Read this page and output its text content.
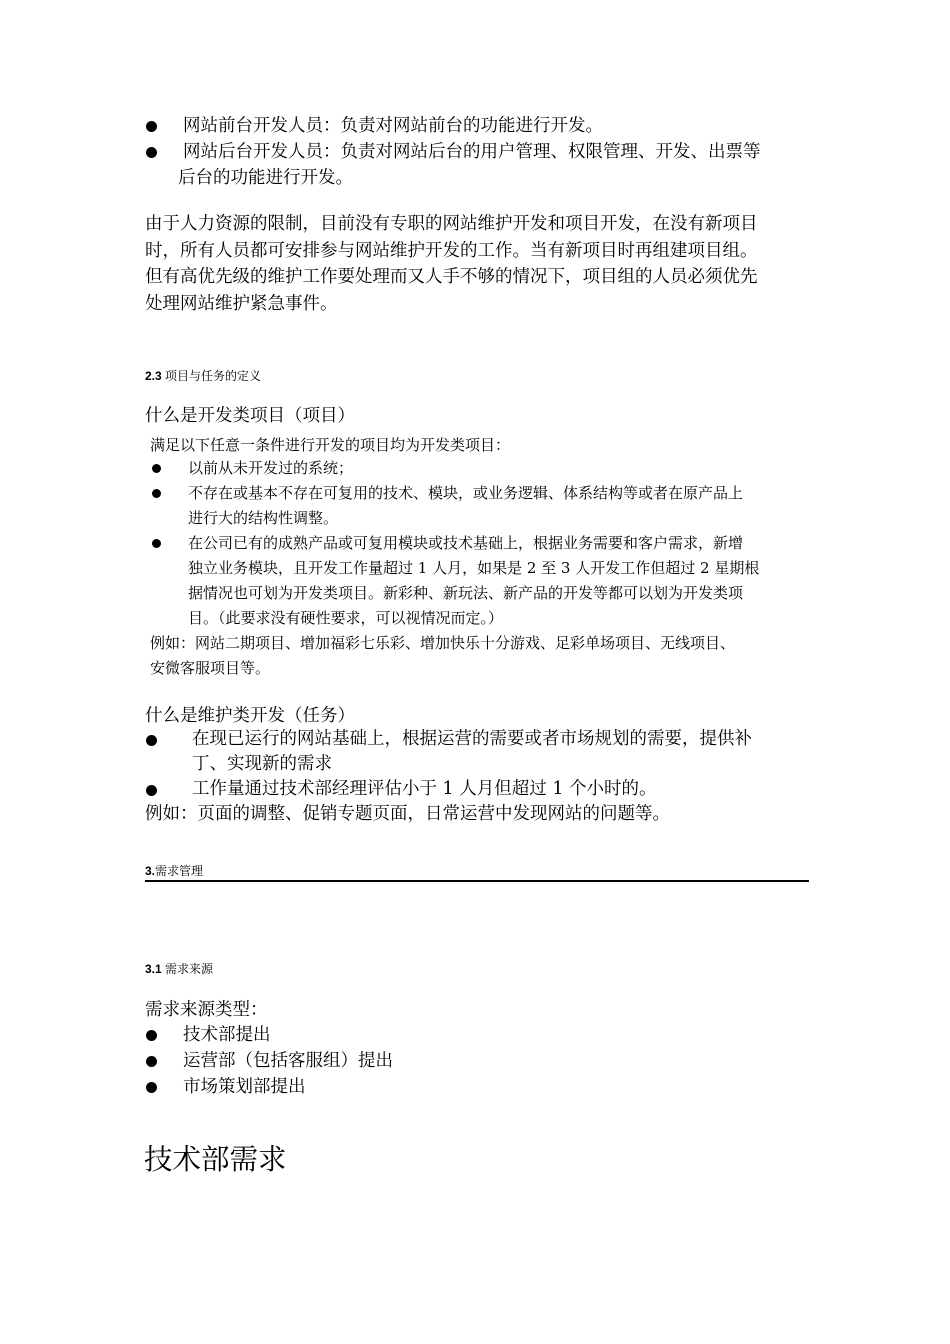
网站前台开发人员：负责对网站前台的功能进行开发。
网站后台开发人员：负责对网站后台的用户管理、权限管理、开发、出票等
后台的功能进行开发。
由于人力资源的限制，目前没有专职的网站维护开发和项目开发，在没有新项目
时，所有人员都可安排参与网站维护开发的工作。当有新项目时再组建项目组。
但有高优先级的维护工作要处理而又人手不够的情况下，项目组的人员必须优先
处理网站维护紧急事件。
2.3 项目与任务的定义
什么是开发类项目（项目）
满足以下任意一条件进行开发的项目均为开发类项目：
以前从未开发过的系统；
不存在或基本不存在可复用的技术、模块，或业务逻辑、体系结构等或者在原产品上
进行大的结构性调整。
在公司已有的成熟产品或可复用模块或技术基础上，根据业务需要和客户需求，新增
独立业务模块，且开发工作量超过 1 人月，如果是 2 至 3 人开发工作但超过 2 星期根
据情况也可划为开发类项目。新彩种、新玩法、新产品的开发等都可以划为开发类项
目。（此要求没有硬性要求，可以视情况而定。）
例如：网站二期项目、增加福彩七乐彩、增加快乐十分游戏、足彩单场项目、无线项目、
安微客服项目等。
什么是维护类开发（任务）
在现已运行的网站基础上，根据运营的需要或者市场规划的需要，提供补
丁、实现新的需求
工作量通过技术部经理评估小于 1 人月但超过 1 个小时的。
例如：页面的调整、促销专题页面，日常运营中发现网站的问题等。
3.需求管理
3.1 需求来源
需求来源类型：
技术部提出
运营部（包括客服组）提出
市场策划部提出
技术部需求
